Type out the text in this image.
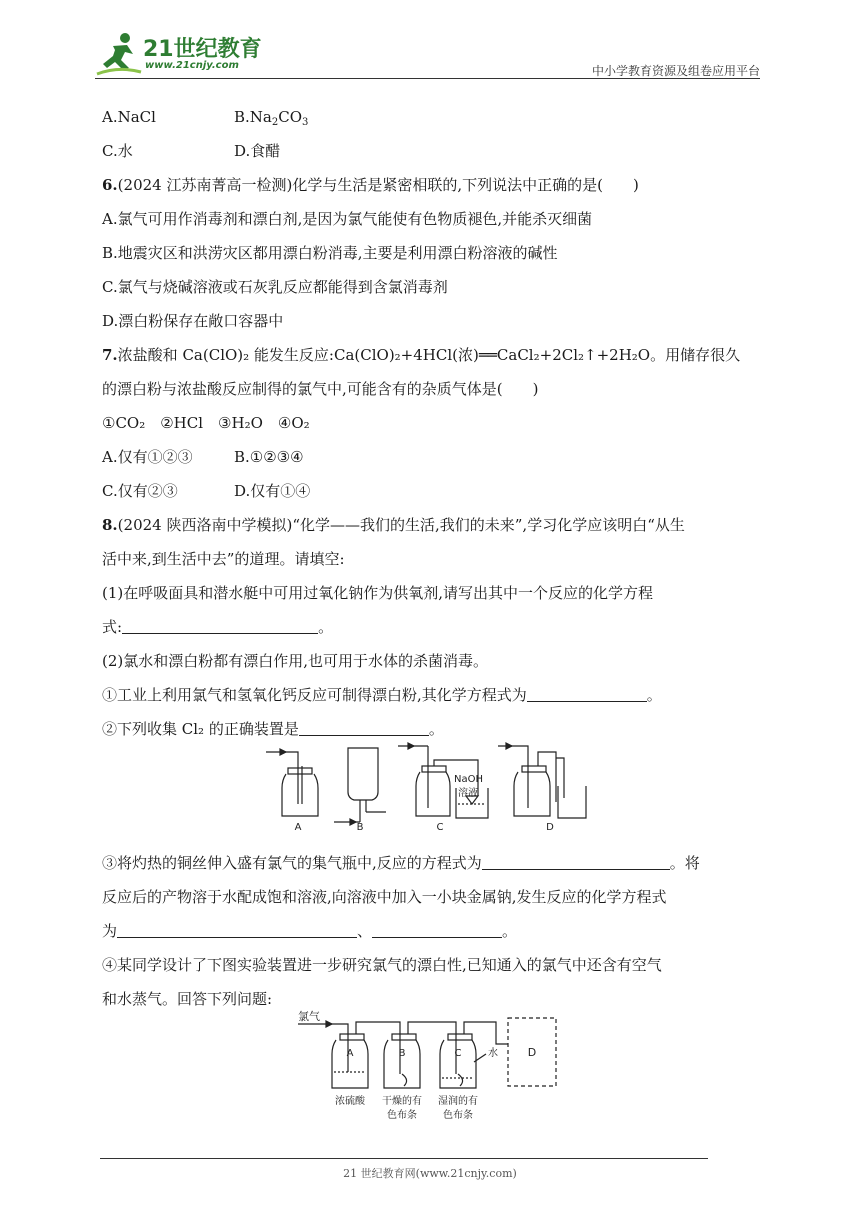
21世纪教育
www.21cnjy.com	中小学教育资源及组卷应用平台
A.NaCl	$B.Na_2CO_3$
C.水	D.食醋
6.(2024 江苏南菁高一检测)化学与生活是紧密相联的,下列说法中正确的是(　　)
A.氯气可用作消毒剂和漂白剂,是因为氯气能使有色物质褪色,并能杀灭细菌
B.地震灾区和洪涝灾区都用漂白粉消毒,主要是利用漂白粉溶液的碱性
C.氯气与烧碱溶液或石灰乳反应都能得到含氯消毒剂
D.漂白粉保存在敞口容器中
7.浓盐酸和 Ca(ClO)₂ 能发生反应:Ca(ClO)₂+4HCl(浓)══CaCl₂+2Cl₂↑+2H₂O。用储存很久
的漂白粉与浓盐酸反应制得的氯气中,可能含有的杂质气体是(　　)
①CO₂　②HCl　③H₂O　④O₂
A.仅有①②③	B.①②③④
C.仅有②③	D.仅有①④
8.(2024 陕西洛南中学模拟)“化学——我们的生活,我们的未来”,学习化学应该明白“从生
活中来,到生活中去”的道理。请填空:
(1)在呼吸面具和潜水艇中可用过氧化钠作为供氧剂,请写出其中一个反应的化学方程
式:	。
(2)氯水和漂白粉都有漂白作用,也可用于水体的杀菌消毒。
①工业上利用氯气和氢氧化钙反应可制得漂白粉,其化学方程式为	。
②下列收集 Cl₂ 的正确装置是	。
③将灼热的铜丝伸入盛有氯气的集气瓶中,反应的方程式为	。将
反应后的产物溶于水配成饱和溶液,向溶液中加入一小块金属钠,发生反应的化学方程式
为	、	。
④某同学设计了下图实验装置进一步研究氯气的漂白性,已知通入的氯气中还含有空气
和水蒸气。回答下列问题:
NaOH
溶液
A	B	C	D
氯气
A	B	C	D
水
浓硫酸 干燥的有
色布条
湿润的有
色布条
21 世纪教育网(www.21cnjy.com)
